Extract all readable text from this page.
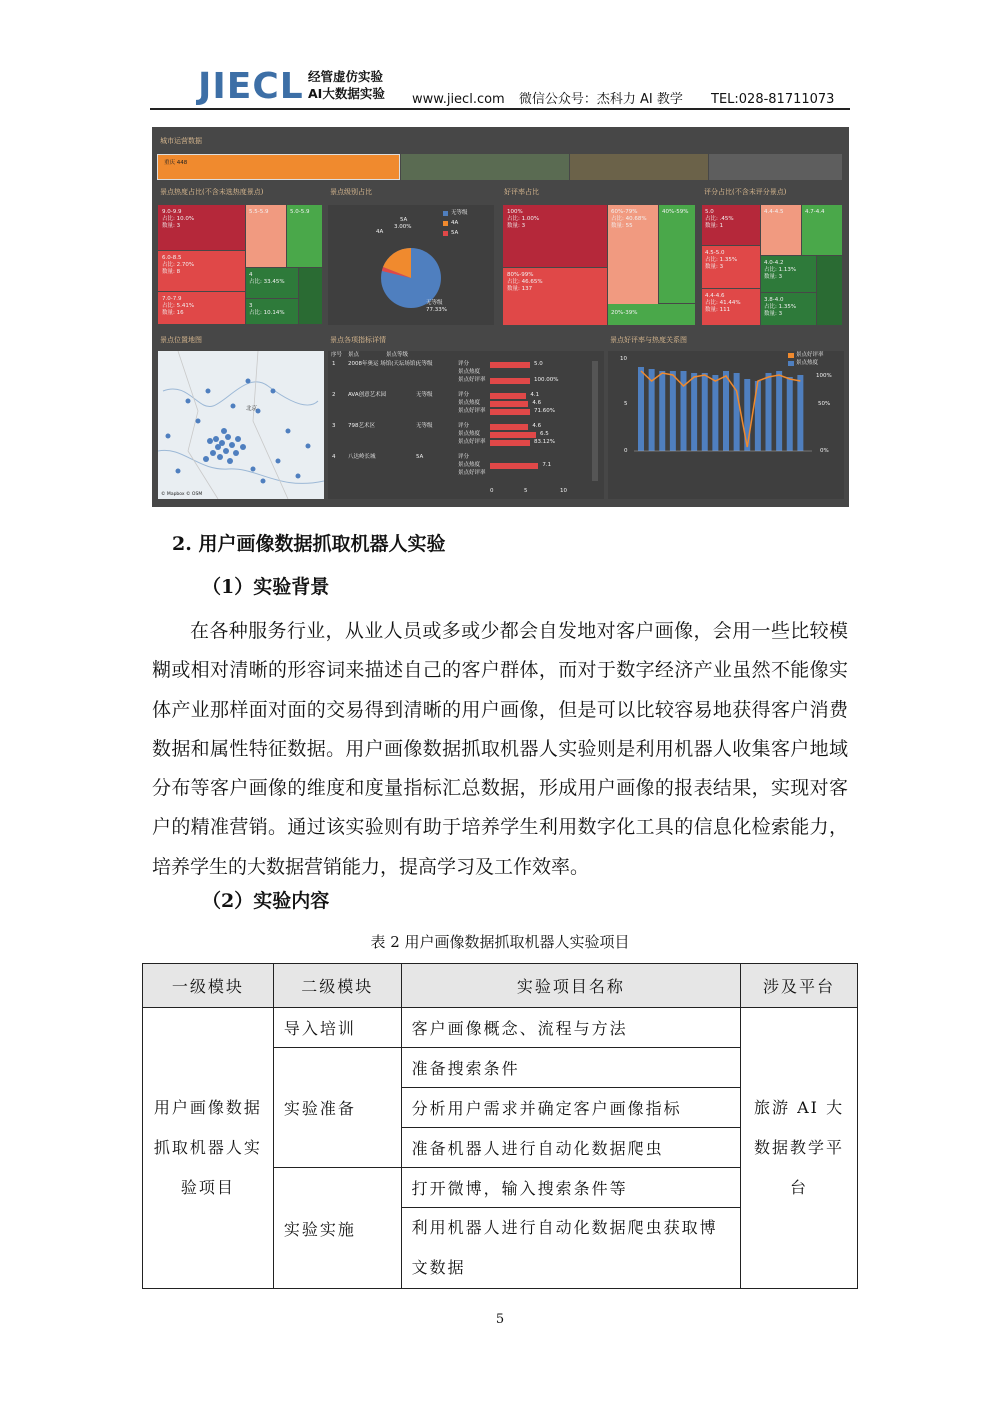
JIECL 经管虚仿实验
AI大数据实验 www.jiecl.com 微信公众号：杰科力 AI 教学 TEL:028-81711073
城市运营数据
重庆 448
景点热度占比(不含未选热度景点)	景点级别占比	好评率占比	评分占比(不含未评分景点)
9.0-9.9
占比: 10.0%
数量: 3
6.0-8.5
占比: 2.70%
数量: 8
7.0-7.9
占比: 5.41%
数量: 16
5.5-5.9	5.0-5.9
4
占比: 33.45%
3
占比: 10.14%
无等级
4A
5A
5A
3.00%
4A
无等级
77.33%
100%
占比: 1.00%
数量: 3
80%-99%
占比: 46.65%
数量: 137
60%-79%
占比: 40.68%
数量: 55
40%-59%
20%-39%
5.0
占比: .45%
数量: 1
4.5-5.0
占比: 1.35%
数量: 3
4.4-4.6
占比: 41.44%
数量: 111
4.4-4.5	4.7-4.4
4.0-4.2
占比: 1.13%
数量: 3
3.8-4.0
占比: 1.35%
数量: 3
景点位置地图	景点各项指标详情	景点好评率与热度关系图
北京
© Mapbox © OSM
序号 景点	景点等级
1 2008年奥运 场馆(天坛场馆)
无等级	评分	5.0
景点热度
景点好评率	100.00%
2 AVA创意艺术园	无等级	评分	4.1
景点热度	4.6
景点好评率	71.60%
3 798艺术区	无等级	评分	4.6
景点热度	6.5
景点好评率	83.12%
4 八达岭长城	5A	评分
景点热度	7.1
景点好评率
0	5	10
景点好评率
景点热度
10
5
0
100%
50%
0%
2. 用户画像数据抓取机器人实验
（1）实验背景
在各种服务行业，从业人员或多或少都会自发地对客户画像，会用一些比较模糊或相对清晰的形容词来描述自己的客户群体，而对于数字经济产业虽然不能像实体产业那样面对面的交易得到清晰的用户画像，但是可以比较容易地获得客户消费数据和属性特征数据。用户画像数据抓取机器人实验则是利用机器人收集客户地域分布等客户画像的维度和度量指标汇总数据，形成用户画像的报表结果，实现对客户的精准营销。通过该实验则有助于培养学生利用数字化工具的信息化检索能力，培养学生的大数据营销能力，提高学习及工作效率。
（2）实验内容
表 2 用户画像数据抓取机器人实验项目
一级模块	二级模块	实验项目名称	涉及平台
用户画像数据抓取机器人实验项目	导入培训	客户画像概念、流程与方法	旅游 AI 大数据教学平台
	实验准备	准备搜索条件	
		分析用户需求并确定客户画像指标	
		准备机器人进行自动化数据爬虫	
	实验实施	打开微博，输入搜索条件等	
		利用机器人进行自动化数据爬虫获取博文数据	

5
